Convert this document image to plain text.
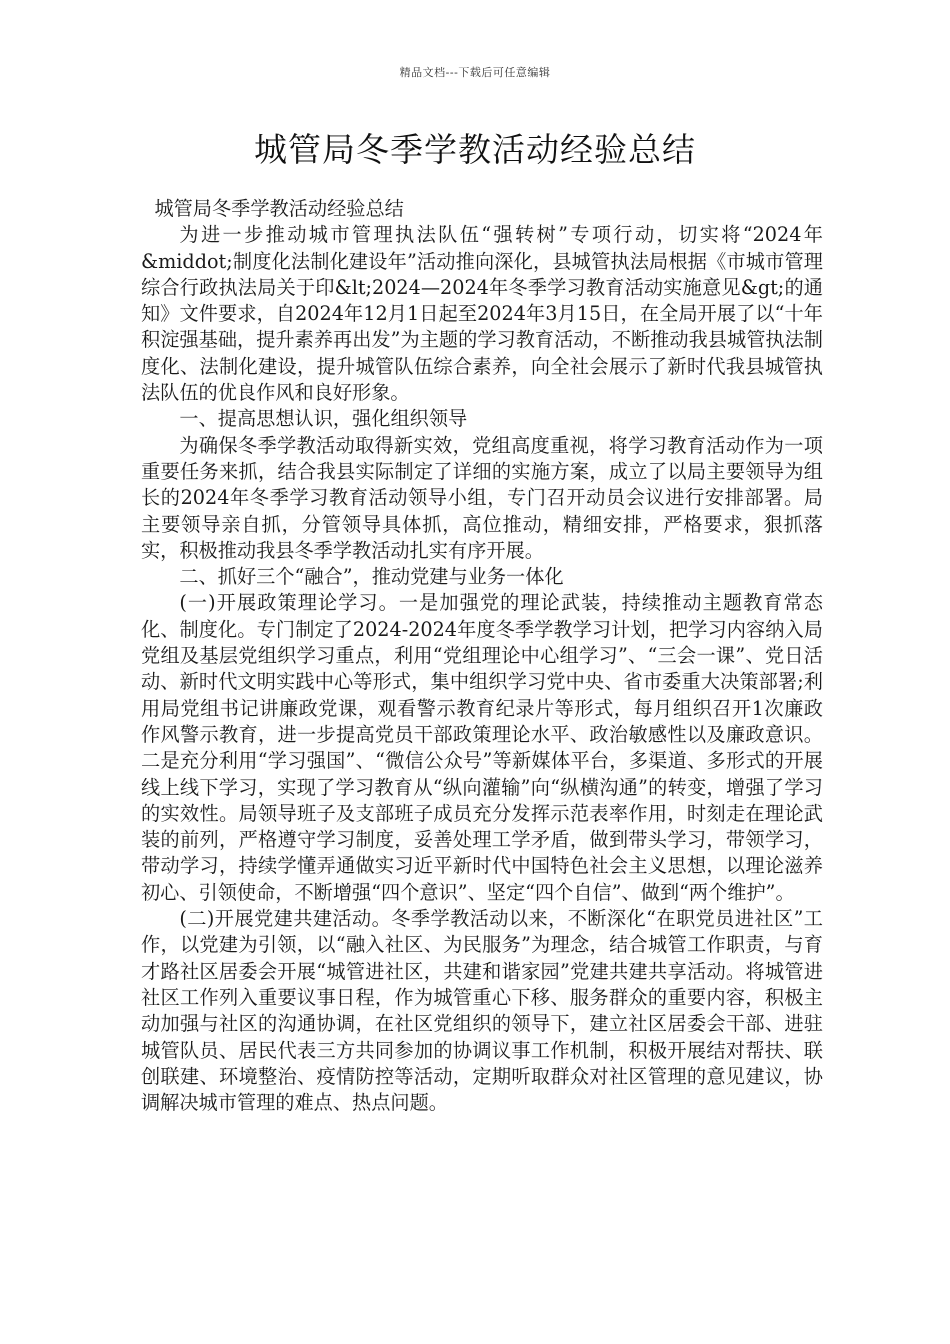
精品文档---下载后可任意编辑
城管局冬季学教活动经验总结

城管局冬季学教活动经验总结

为进一步推动城市管理执法队伍“强转树”专项行动，切实将“2024年&middot;制度化法制化建设年”活动推向深化，县城管执法局根据《市城市管理综合行政执法局关于印&lt;2024—2024年冬季学习教育活动实施意见&gt;的通知》文件要求，自2024年12月1日起至2024年3月15日，在全局开展了以“十年积淀强基础，提升素养再出发”为主题的学习教育活动，不断推动我县城管执法制度化、法制化建设，提升城管队伍综合素养，向全社会展示了新时代我县城管执法队伍的优良作风和良好形象。

一、提高思想认识，强化组织领导

为确保冬季学教活动取得新实效，党组高度重视，将学习教育活动作为一项重要任务来抓，结合我县实际制定了详细的实施方案，成立了以局主要领导为组长的2024年冬季学习教育活动领导小组，专门召开动员会议进行安排部署。局主要领导亲自抓，分管领导具体抓，高位推动，精细安排，严格要求，狠抓落实，积极推动我县冬季学教活动扎实有序开展。

二、抓好三个“融合”，推动党建与业务一体化

(一)开展政策理论学习。一是加强党的理论武装，持续推动主题教育常态化、制度化。专门制定了2024-2024年度冬季学教学习计划，把学习内容纳入局党组及基层党组织学习重点，利用“党组理论中心组学习”、“三会一课”、党日活动、新时代文明实践中心等形式，集中组织学习党中央、省市委重大决策部署;利用局党组书记讲廉政党课，观看警示教育纪录片等形式，每月组织召开1次廉政作风警示教育，进一步提高党员干部政策理论水平、政治敏感性以及廉政意识。二是充分利用“学习强国”、“微信公众号”等新媒体平台，多渠道、多形式的开展线上线下学习，实现了学习教育从“纵向灌输”向“纵横沟通”的转变，增强了学习的实效性。局领导班子及支部班子成员充分发挥示范表率作用，时刻走在理论武装的前列，严格遵守学习制度，妥善处理工学矛盾，做到带头学习，带领学习，带动学习，持续学懂弄通做实习近平新时代中国特色社会主义思想，以理论滋养初心、引领使命，不断增强“四个意识”、坚定“四个自信”、做到“两个维护”。

(二)开展党建共建活动。冬季学教活动以来，不断深化“在职党员进社区”工作，以党建为引领，以“融入社区、为民服务”为理念，结合城管工作职责，与育才路社区居委会开展“城管进社区，共建和谐家园”党建共建共享活动。将城管进社区工作列入重要议事日程，作为城管重心下移、服务群众的重要内容，积极主动加强与社区的沟通协调，在社区党组织的领导下，建立社区居委会干部、进驻城管队员、居民代表三方共同参加的协调议事工作机制，积极开展结对帮扶、联创联建、环境整治、疫情防控等活动，定期听取群众对社区管理的意见建议，协调解决城市管理的难点、热点问题。
